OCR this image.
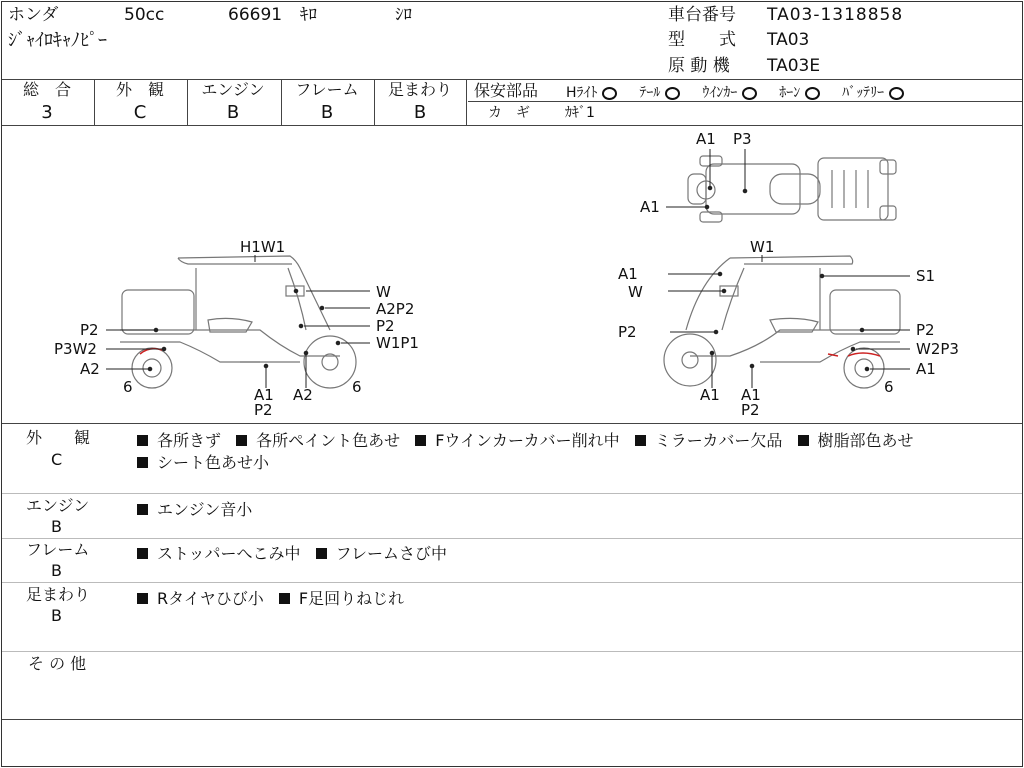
ホンダ	50cc	66691 ｷﾛ	ｼﾛ
ｼﾞｬｲﾛｷｬﾉﾋﾟｰ
車台番号 TA03-1318858
型　　式 TA03
原 動 機 TA03E
総　合
3
外　観
C
エンジン
B
フレーム
B
足まわり
B
保安部品 Hﾗｲﾄ	ﾃｰﾙ	ｳｲﾝｶｰ	ﾎｰﾝ	ﾊﾞｯﾃﾘｰ
カ　ギ	ｶｷﾞ1
A1 P3
A1
H1W1
W
A2P2
P2
W1P1
P2
P3W2
A2
6	A1
P2
A2	6
W1
A1	S1
W
P2	P2
W2P3
A1
6
A1 A1
P2
外　　観
C
各所きず 各所ペイント色あせ Fウインカーカバー削れ中 ミラーカバー欠品 樹脂部色あせ
シート色あせ小
エンジン
B
エンジン音小
フレーム
B
ストッパーへこみ中 フレームさび中
足まわり
B
Rタイヤひび小 F足回りねじれ
そ の 他
